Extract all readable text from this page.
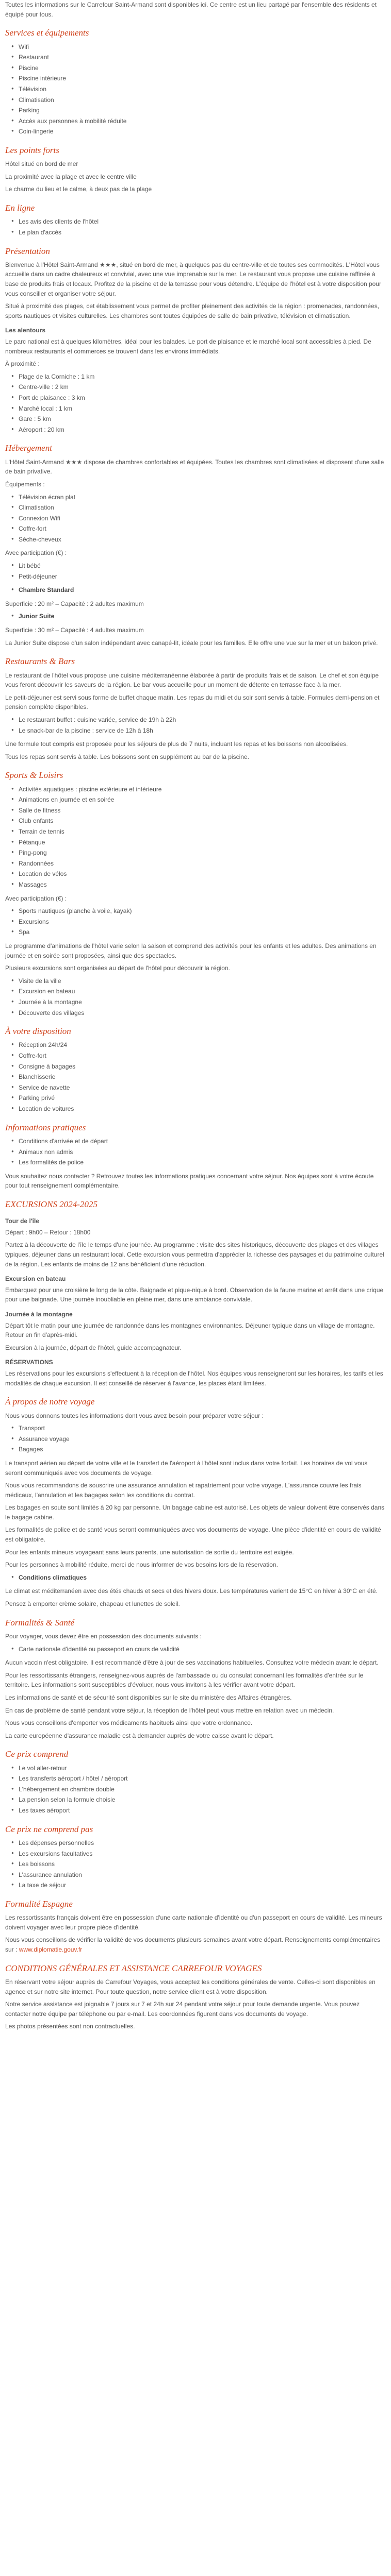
Toutes les informations sur le Carrefour Saint-Armand sont disponibles ici. Ce centre est un lieu partagé par l'ensemble des résidents et équipé pour tous.

Services et équipements
● Wifi
● Restaurant
● Piscine
● Piscine intérieure
● Télévision
● Climatisation
● Parking
● Accès aux personnes à mobilité réduite
● Coin-lingerie
Les points forts

Hôtel situé en bord de mer

La proximité avec la plage et avec le centre ville

Le charme du lieu et le calme, à deux pas de la plage

En ligne
● Les avis des clients de l'hôtel
● Le plan d'accès
Présentation

Bienvenue à l'Hôtel Saint-Armand ★★★, situé en bord de mer, à quelques pas du centre-ville et de toutes ses commodités. L'Hôtel vous accueille dans un cadre chaleureux et convivial, avec une vue imprenable sur la mer. Le restaurant vous propose une cuisine raffinée à base de produits frais et locaux. Profitez de la piscine et de la terrasse pour vous détendre. L'équipe de l'hôtel est à votre disposition pour vous conseiller et organiser votre séjour.

Situé à proximité des plages, cet établissement vous permet de profiter pleinement des activités de la région : promenades, randonnées, sports nautiques et visites culturelles. Les chambres sont toutes équipées de salle de bain privative, télévision et climatisation.

Les alentours

Le parc national est à quelques kilomètres, idéal pour les balades. Le port de plaisance et le marché local sont accessibles à pied. De nombreux restaurants et commerces se trouvent dans les environs immédiats.

À proximité :

● Plage de la Corniche : 1 km
● Centre-ville : 2 km
● Port de plaisance : 3 km
● Marché local : 1 km
● Gare : 5 km
● Aéroport : 20 km
Hébergement

L'Hôtel Saint-Armand ★★★ dispose de chambres confortables et équipées. Toutes les chambres sont climatisées et disposent d'une salle de bain privative.

Équipements :

● Télévision écran plat
● Climatisation
● Connexion Wifi
● Coffre-fort
● Sèche-cheveux

Avec participation (€) :

● Lit bébé
● Petit-déjeuner
● Chambre Standard

Superficie : 20 m² – Capacité : 2 adultes maximum

● Junior Suite

Superficie : 30 m² – Capacité : 4 adultes maximum

La Junior Suite dispose d'un salon indépendant avec canapé-lit, idéale pour les familles. Elle offre une vue sur la mer et un balcon privé.

Restaurants & Bars

Le restaurant de l'hôtel vous propose une cuisine méditerranéenne élaborée à partir de produits frais et de saison. Le chef et son équipe vous feront découvrir les saveurs de la région. Le bar vous accueille pour un moment de détente en terrasse face à la mer.

Le petit-déjeuner est servi sous forme de buffet chaque matin. Les repas du midi et du soir sont servis à table. Formules demi-pension et pension complète disponibles.

● Le restaurant buffet : cuisine variée, service de 19h à 22h
● Le snack-bar de la piscine : service de 12h à 18h

Une formule tout compris est proposée pour les séjours de plus de 7 nuits, incluant les repas et les boissons non alcoolisées.

Tous les repas sont servis à table. Les boissons sont en supplément au bar de la piscine.

Sports & Loisirs
● Activités aquatiques : piscine extérieure et intérieure
● Animations en journée et en soirée
● Salle de fitness
● Club enfants
● Terrain de tennis
● Pétanque
● Ping-pong
● Randonnées
● Location de vélos
● Massages

Avec participation (€) :

● Sports nautiques (planche à voile, kayak)
● Excursions
● Spa

Le programme d'animations de l'hôtel varie selon la saison et comprend des activités pour les enfants et les adultes. Des animations en journée et en soirée sont proposées, ainsi que des spectacles.

Plusieurs excursions sont organisées au départ de l'hôtel pour découvrir la région.

● Visite de la ville
● Excursion en bateau
● Journée à la montagne
● Découverte des villages
À votre disposition
● Réception 24h/24
● Coffre-fort
● Consigne à bagages
● Blanchisserie
● Service de navette
● Parking privé
● Location de voitures
Informations pratiques
● Conditions d'arrivée et de départ
● Animaux non admis
● Les formalités de police

Vous souhaitez nous contacter ? Retrouvez toutes les informations pratiques concernant votre séjour. Nos équipes sont à votre écoute pour tout renseignement complémentaire.

EXCURSIONS 2024-2025
Tour de l'île

Départ : 9h00 – Retour : 18h00

Partez à la découverte de l'île le temps d'une journée. Au programme : visite des sites historiques, découverte des plages et des villages typiques, déjeuner dans un restaurant local. Cette excursion vous permettra d'apprécier la richesse des paysages et du patrimoine culturel de la région. Les enfants de moins de 12 ans bénéficient d'une réduction.

Excursion en bateau

Embarquez pour une croisière le long de la côte. Baignade et pique-nique à bord. Observation de la faune marine et arrêt dans une crique pour une baignade. Une journée inoubliable en pleine mer, dans une ambiance conviviale.

Journée à la montagne

Départ tôt le matin pour une journée de randonnée dans les montagnes environnantes. Déjeuner typique dans un village de montagne. Retour en fin d'après-midi.

Excursion à la journée, départ de l'hôtel, guide accompagnateur.

RÉSERVATIONS

Les réservations pour les excursions s'effectuent à la réception de l'hôtel. Nos équipes vous renseigneront sur les horaires, les tarifs et les modalités de chaque excursion. Il est conseillé de réserver à l'avance, les places étant limitées.

À propos de notre voyage

Nous vous donnons toutes les informations dont vous avez besoin pour préparer votre séjour :

● Transport
● Assurance voyage
● Bagages

Le transport aérien au départ de votre ville et le transfert de l'aéroport à l'hôtel sont inclus dans votre forfait. Les horaires de vol vous seront communiqués avec vos documents de voyage.

Nous vous recommandons de souscrire une assurance annulation et rapatriement pour votre voyage. L'assurance couvre les frais médicaux, l'annulation et les bagages selon les conditions du contrat.

Les bagages en soute sont limités à 20 kg par personne. Un bagage cabine est autorisé. Les objets de valeur doivent être conservés dans le bagage cabine.

Les formalités de police et de santé vous seront communiquées avec vos documents de voyage. Une pièce d'identité en cours de validité est obligatoire.

Pour les enfants mineurs voyageant sans leurs parents, une autorisation de sortie du territoire est exigée.

Pour les personnes à mobilité réduite, merci de nous informer de vos besoins lors de la réservation.

● Conditions climatiques

Le climat est méditerranéen avec des étés chauds et secs et des hivers doux. Les températures varient de 15°C en hiver à 30°C en été.

Pensez à emporter crème solaire, chapeau et lunettes de soleil.

Formalités & Santé

Pour voyager, vous devez être en possession des documents suivants :

● Carte nationale d'identité ou passeport en cours de validité

Aucun vaccin n'est obligatoire. Il est recommandé d'être à jour de ses vaccinations habituelles. Consultez votre médecin avant le départ.

Pour les ressortissants étrangers, renseignez-vous auprès de l'ambassade ou du consulat concernant les formalités d'entrée sur le territoire. Les informations sont susceptibles d'évoluer, nous vous invitons à les vérifier avant votre départ.

Les informations de santé et de sécurité sont disponibles sur le site du ministère des Affaires étrangères.

En cas de problème de santé pendant votre séjour, la réception de l'hôtel peut vous mettre en relation avec un médecin.

Nous vous conseillons d'emporter vos médicaments habituels ainsi que votre ordonnance.

La carte européenne d'assurance maladie est à demander auprès de votre caisse avant le départ.

Ce prix comprend
● Le vol aller-retour
● Les transferts aéroport / hôtel / aéroport
● L'hébergement en chambre double
● La pension selon la formule choisie
● Les taxes aéroport
Ce prix ne comprend pas
● Les dépenses personnelles
● Les excursions facultatives
● Les boissons
● L'assurance annulation
● La taxe de séjour
Formalité Espagne

Les ressortissants français doivent être en possession d'une carte nationale d'identité ou d'un passeport en cours de validité. Les mineurs doivent voyager avec leur propre pièce d'identité.

Nous vous conseillons de vérifier la validité de vos documents plusieurs semaines avant votre départ. Renseignements complémentaires sur : www.diplomatie.gouv.fr

CONDITIONS GÉNÉRALES ET ASSISTANCE CARREFOUR VOYAGES

En réservant votre séjour auprès de Carrefour Voyages, vous acceptez les conditions générales de vente. Celles-ci sont disponibles en agence et sur notre site internet. Pour toute question, notre service client est à votre disposition.

Notre service assistance est joignable 7 jours sur 7 et 24h sur 24 pendant votre séjour pour toute demande urgente. Vous pouvez contacter notre équipe par téléphone ou par e-mail. Les coordonnées figurent dans vos documents de voyage.

Les photos présentées sont non contractuelles.
